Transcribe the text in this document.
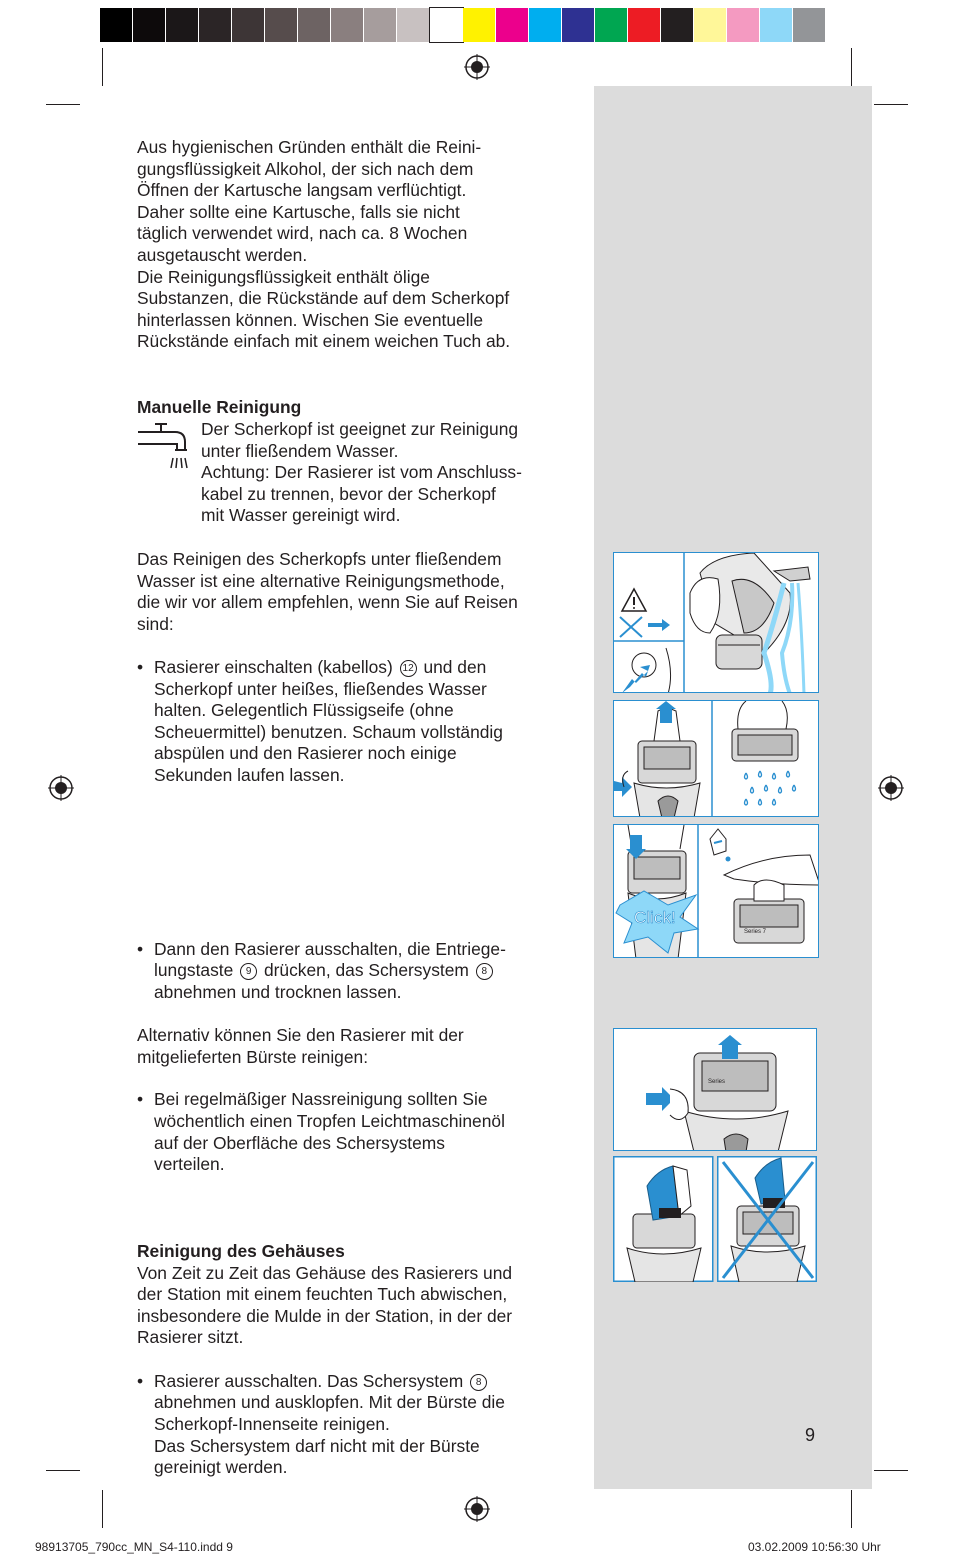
Aus hygienischen Gründen enthält die Reini-

gungsflüssigkeit Alkohol, der sich nach dem

Öffnen der Kartusche langsam verflüchtigt.

Daher sollte eine Kartusche, falls sie nicht

täglich verwendet wird, nach ca. 8 Wochen

ausgetauscht werden.

Die Reinigungsflüssigkeit enthält ölige

Substanzen, die Rückstände auf dem Scherkopf

hinterlassen können. Wischen Sie eventuelle

Rückstände einfach mit einem weichen Tuch ab.

Manuelle Reinigung

Der Scherkopf ist geeignet zur Reinigung

unter fließendem Wasser.

Achtung: Der Rasierer ist vom Anschluss-

kabel zu trennen, bevor der Scherkopf

mit Wasser gereinigt wird.

Das Reinigen des Scherkopfs unter fließendem

Wasser ist eine alternative Reinigungsmethode,

die wir vor allem empfehlen, wenn Sie auf Reisen

sind:

• Rasierer einschalten (kabellos) 12 und den

Scherkopf unter heißes, fließendes Wasser

halten. Gelegentlich Flüssigseife (ohne

Scheuermittel) benutzen. Schaum vollständig

abspülen und den Rasierer noch einige

Sekunden laufen lassen.

• Dann den Rasierer ausschalten, die Entriege-

lungstaste 9 drücken, das Schersystem 8

abnehmen und trocknen lassen.

• Bei regelmäßiger Nassreinigung sollten Sie

wöchentlich einen Tropfen Leichtmaschinenöl

auf der Oberfläche des Schersystems

verteilen.

Alternativ können Sie den Rasierer mit der

mitgelieferten Bürste reinigen:

• Rasierer ausschalten. Das Schersystem 8

abnehmen und ausklopfen. Mit der Bürste die

Scherkopf-Innenseite reinigen.

Das Schersystem darf nicht mit der Bürste

gereinigt werden.

Reinigung des Gehäuses

Von Zeit zu Zeit das Gehäuse des Rasierers und

der Station mit einem feuchten Tuch abwischen,

insbesondere die Mulde in der Station, in der der

Rasierer sitzt.

Click!
Series 7
Series
9
98913705_790cc_MN_S4-110.indd 9	03.02.2009 10:56:30 Uhr
